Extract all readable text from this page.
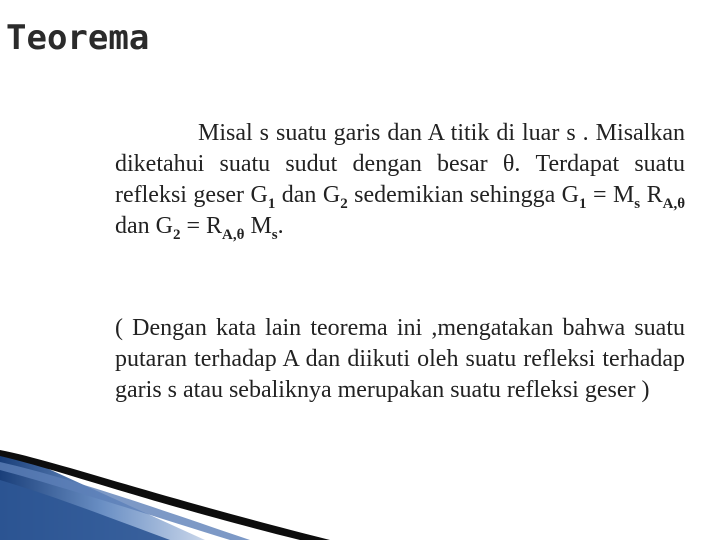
Teorema
Misal s suatu garis dan A titik di luar s . Misalkan diketahui suatu sudut dengan besar θ. Terdapat suatu refleksi geser $G_1$ dan $G_2$ sedemikian sehingga $G_1 = M_s$ $R_{A,\theta}$ dan $G_2 = R_{A,\theta}$ $M_s$.
( Dengan kata lain teorema ini ,mengatakan bahwa suatu putaran terhadap A dan diikuti oleh suatu refleksi terhadap garis s atau sebaliknya merupakan suatu refleksi geser )
